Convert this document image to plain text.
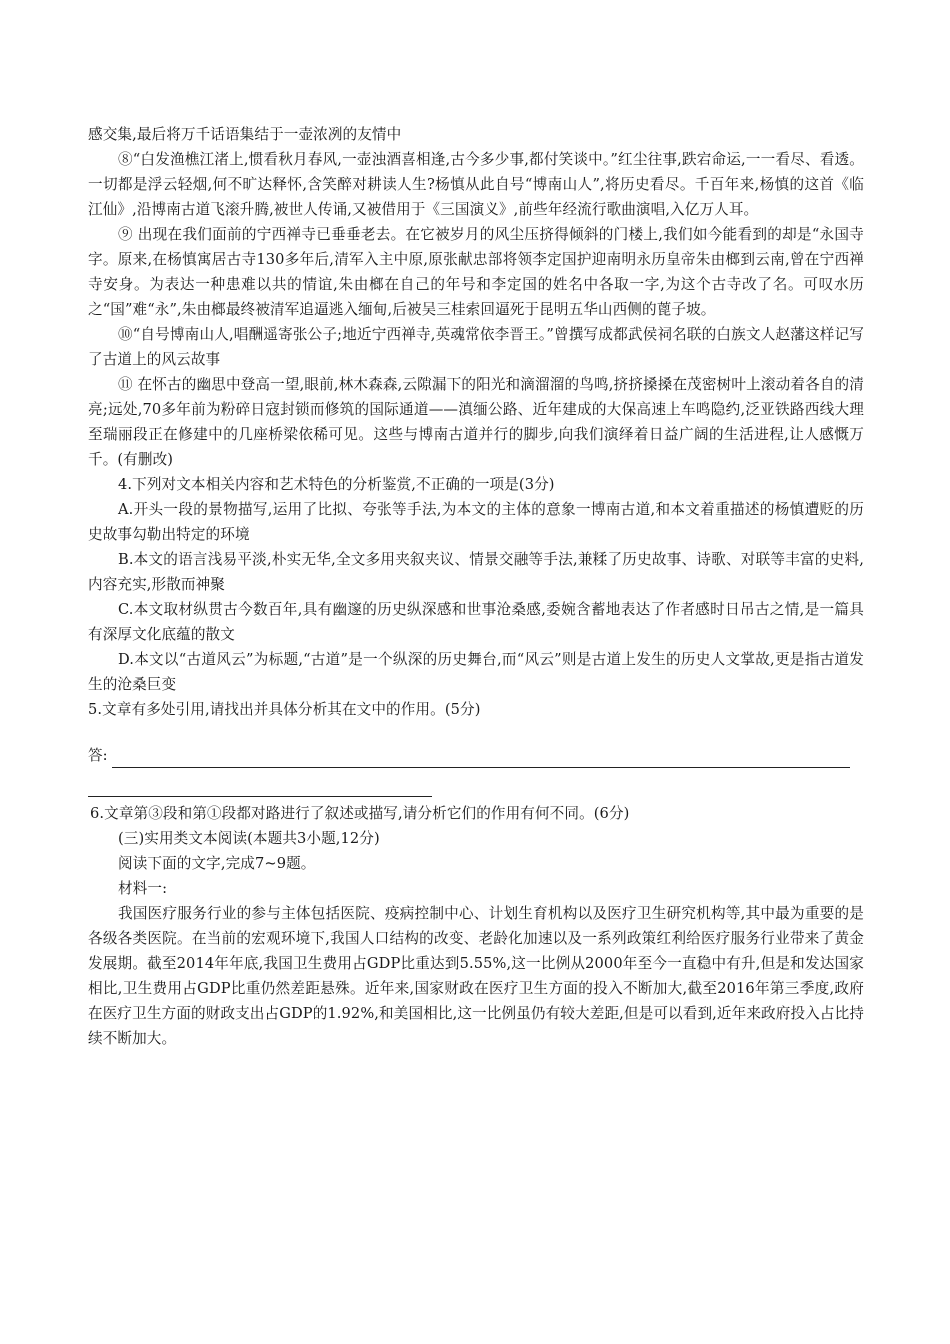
感交集,最后将万千话语集结于一壶浓冽的友情中

⑧“白发渔樵江渚上,惯看秋月春风,一壶浊酒喜相逢,古今多少事,都付笑谈中。”红尘往事,跌宕命运,一一看尽、看透。一切都是浮云轻烟,何不旷达释怀,含笑醉对耕读人生?杨慎从此自号“博南山人”,将历史看尽。千百年来,杨慎的这首《临江仙》,沿博南古道飞滚升腾,被世人传诵,又被借用于《三国演义》,前些年经流行歌曲演唱,入亿万人耳。

⑨ 出现在我们面前的宁西禅寺已垂垂老去。在它被岁月的风尘压挤得倾斜的门楼上,我们如今能看到的却是“永国寺 字。原来,在杨慎寓居古寺130多年后,清军入主中原,原张献忠部将领李定国护迎南明永历皇帝朱由榔到云南,曾在宁西禅寺安身。为表达一种患难以共的情谊,朱由榔在自己的年号和李定国的姓名中各取一字,为这个古寺改了名。可叹水历之“国”难“永”,朱由榔最终被清军追逼逃入缅甸,后被吴三桂索回逼死于昆明五华山西侧的蓖子坡。

⑩“自号博南山人,唱酬遥寄张公子;地近宁西禅寺,英魂常依李晋王。”曾撰写成都武侯祠名联的白族文人赵藩这样记写了古道上的风云故事

⑪ 在怀古的幽思中登高一望,眼前,林木森森,云隙漏下的阳光和滴溜溜的鸟鸣,挤挤搡搡在茂密树叶上滚动着各自的清亮;远处,70多年前为粉碎日寇封锁而修筑的国际通道——滇缅公路、近年建成的大保高速上车鸣隐约,泛亚铁路西线大理至瑞丽段正在修建中的几座桥梁依稀可见。这些与博南古道并行的脚步,向我们演绎着日益广阔的生活进程,让人感慨万千。(有删改)

4.下列对文本相关内容和艺术特色的分析鉴赏,不正确的一项是(3分)

A.开头一段的景物描写,运用了比拟、夸张等手法,为本文的主体的意象一博南古道,和本文着重描述的杨慎遭贬的历史故事勾勒出特定的环境

B.本文的语言浅易平淡,朴实无华,全文多用夹叙夹议、情景交融等手法,兼糅了历史故事、诗歌、对联等丰富的史料,内容充实,形散而神聚

C.本文取材纵贯古今数百年,具有幽邃的历史纵深感和世事沧桑感,委婉含蓄地表达了作者感时日吊古之情,是一篇具有深厚文化底蕴的散文

D.本文以“古道风云”为标题,“古道”是一个纵深的历史舞台,而“风云”则是古道上发生的历史人文掌故,更是指古道发生的沧桑巨变

5.文章有多处引用,请找出并具体分析其在文中的作用。(5分)

答:

6.文章第③段和第①段都对路进行了叙述或描写,请分析它们的作用有何不同。(6分)

(三)实用类文本阅读(本题共3小题,12分)

阅读下面的文字,完成7~9题。

材料一:

我国医疗服务行业的参与主体包括医院、疫病控制中心、计划生育机构以及医疗卫生研究机构等,其中最为重要的是各级各类医院。在当前的宏观环境下,我国人口结构的改变、老龄化加速以及一系列政策红利给医疗服务行业带来了黄金发展期。截至2014年年底,我国卫生费用占GDP比重达到5.55%,这一比例从2000年至今一直稳中有升,但是和发达国家相比,卫生费用占GDP比重仍然差距悬殊。近年来,国家财政在医疗卫生方面的投入不断加大,截至2016年第三季度,政府在医疗卫生方面的财政支出占GDP的1.92%,和美国相比,这一比例虽仍有较大差距,但是可以看到,近年来政府投入占比持续不断加大。
